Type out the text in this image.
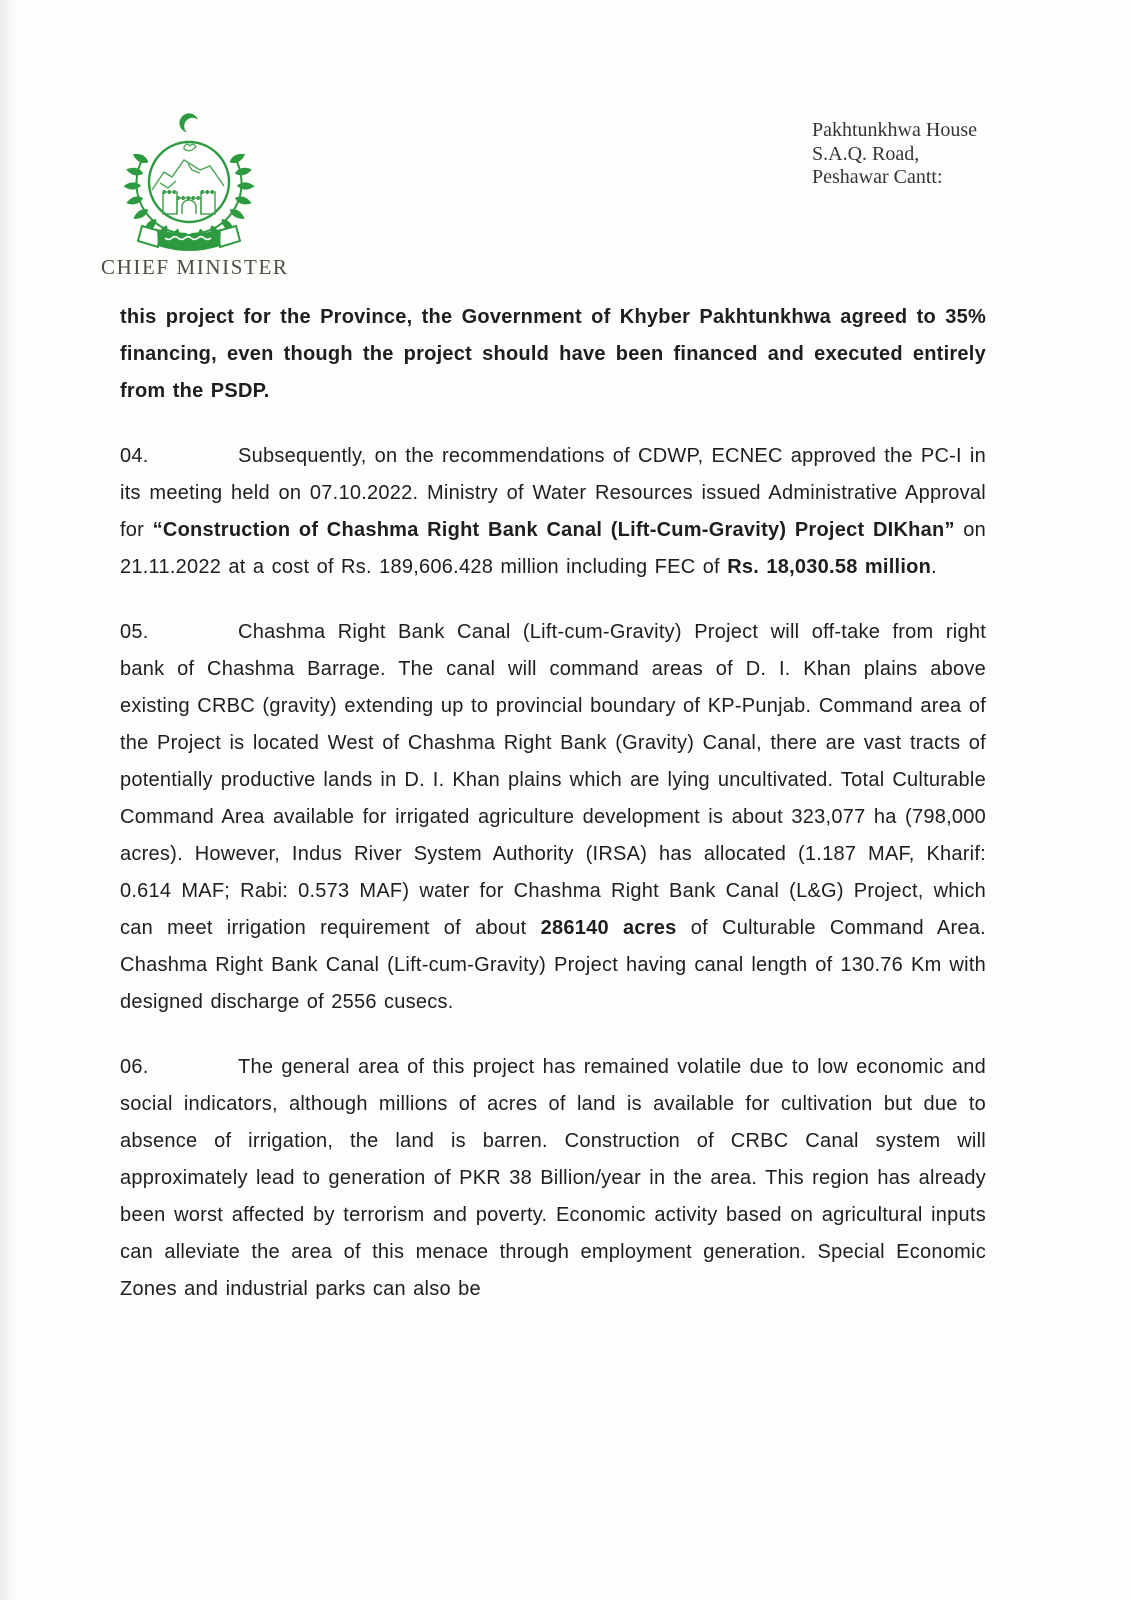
CHIEF MINISTER
Pakhtunkhwa House
S.A.Q. Road,
Peshawar Cantt:

this project for the Province, the Government of Khyber Pakhtunkhwa agreed to 35% financing, even though the project should have been financed and executed entirely from the PSDP.

04.	Subsequently, on the recommendations of CDWP, ECNEC approved the PC-I in its meeting held on 07.10.2022. Ministry of Water Resources issued Administrative Approval for “Construction of Chashma Right Bank Canal (Lift-Cum-Gravity) Project DIKhan” on 21.11.2022 at a cost of Rs. 189,606.428 million including FEC of Rs. 18,030.58 million.

05.	Chashma Right Bank Canal (Lift-cum-Gravity) Project will off-take from right bank of Chashma Barrage. The canal will command areas of D. I. Khan plains above existing CRBC (gravity) extending up to provincial boundary of KP-Punjab. Command area of the Project is located West of Chashma Right Bank (Gravity) Canal, there are vast tracts of potentially productive lands in D. I. Khan plains which are lying uncultivated. Total Culturable Command Area available for irrigated agriculture development is about 323,077 ha (798,000 acres). However, Indus River System Authority (IRSA) has allocated (1.187 MAF, Kharif: 0.614 MAF; Rabi: 0.573 MAF) water for Chashma Right Bank Canal (L&G) Project, which can meet irrigation requirement of about 286140 acres of Culturable Command Area. Chashma Right Bank Canal (Lift-cum-Gravity) Project having canal length of 130.76 Km with designed discharge of 2556 cusecs.

06.	The general area of this project has remained volatile due to low economic and social indicators, although millions of acres of land is available for cultivation but due to absence of irrigation, the land is barren. Construction of CRBC Canal system will approximately lead to generation of PKR 38 Billion/year in the area. This region has already been worst affected by terrorism and poverty. Economic activity based on agricultural inputs can alleviate the area of this menace through employment generation. Special Economic Zones and industrial parks can also be
